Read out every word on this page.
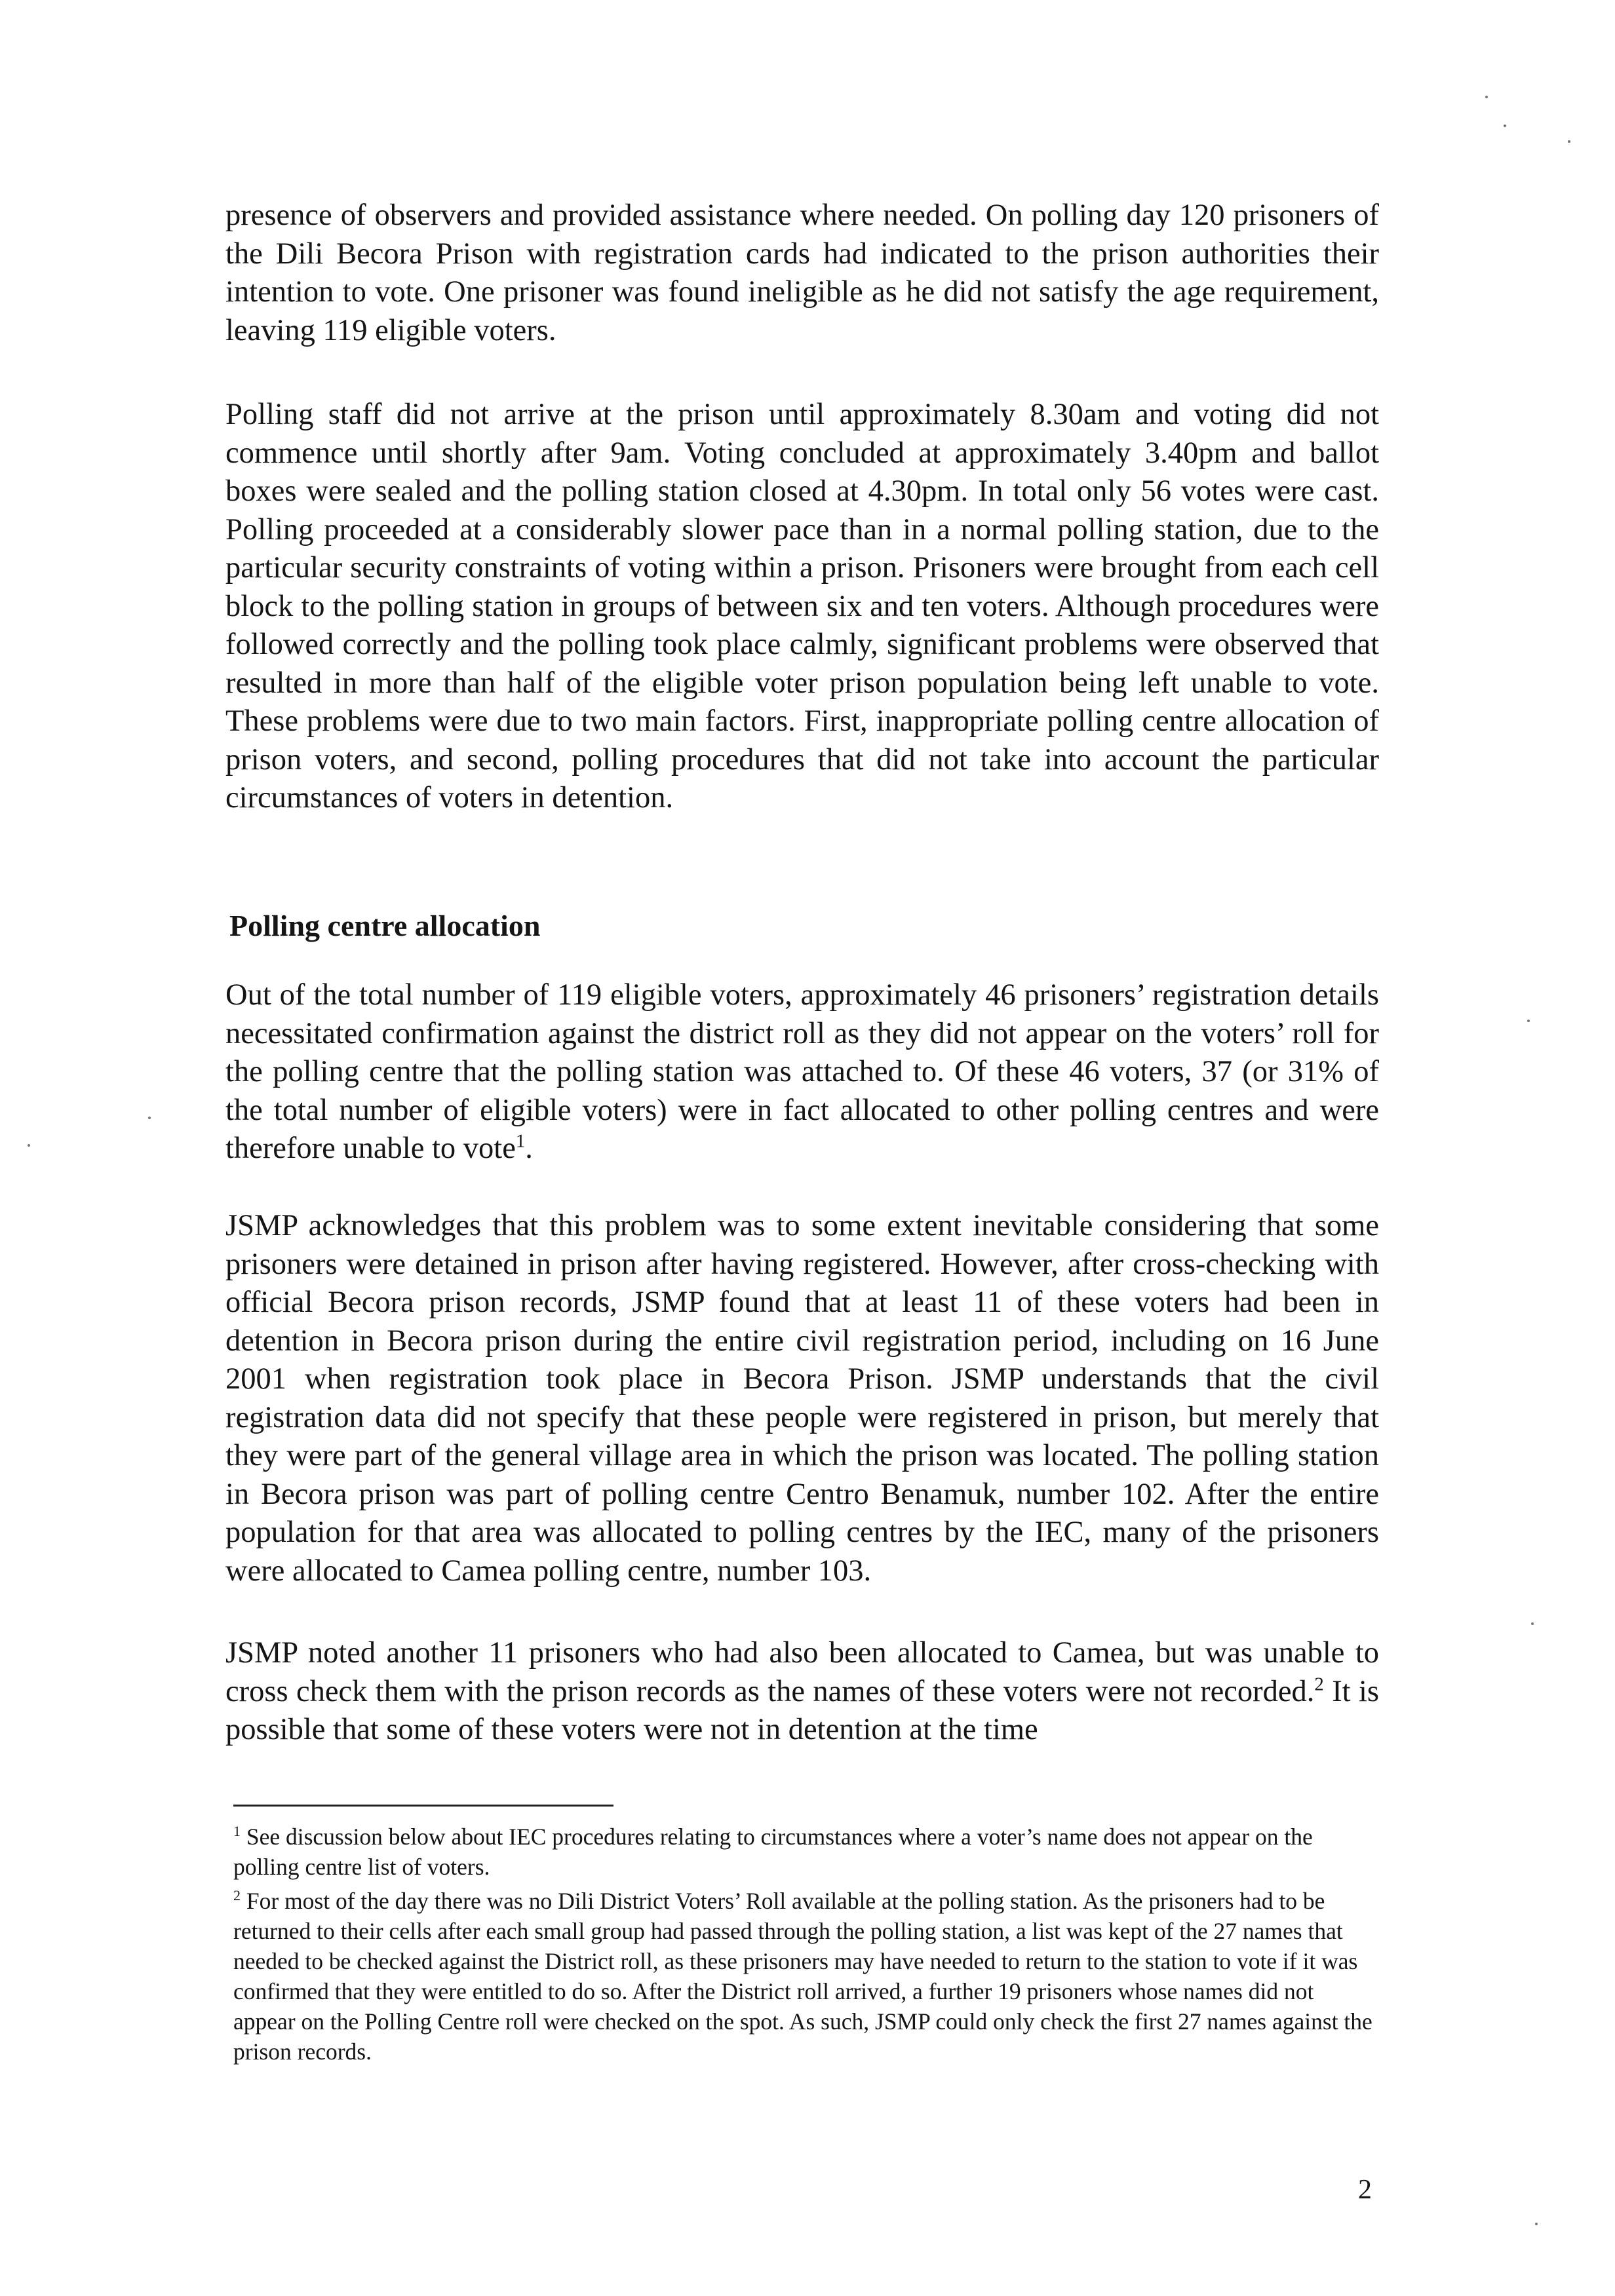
presence of observers and provided assistance where needed. On polling day 120 prisoners of the Dili Becora Prison with registration cards had indicated to the prison authorities their intention to vote. One prisoner was found ineligible as he did not satisfy the age requirement, leaving 119 eligible voters.

Polling staff did not arrive at the prison until approximately 8.30am and voting did not commence until shortly after 9am. Voting concluded at approximately 3.40pm and ballot boxes were sealed and the polling station closed at 4.30pm. In total only 56 votes were cast. Polling proceeded at a considerably slower pace than in a normal polling station, due to the particular security constraints of voting within a prison. Prisoners were brought from each cell block to the polling station in groups of between six and ten voters. Although procedures were followed correctly and the polling took place calmly, significant problems were observed that resulted in more than half of the eligible voter prison population being left unable to vote. These problems were due to two main factors. First, inappropriate polling centre allocation of prison voters, and second, polling procedures that did not take into account the particular circumstances of voters in detention.

Polling centre allocation

Out of the total number of 119 eligible voters, approximately 46 prisoners’ registration details necessitated confirmation against the district roll as they did not appear on the voters’ roll for the polling centre that the polling station was attached to. Of these 46 voters, 37 (or 31% of the total number of eligible voters) were in fact allocated to other polling centres and were therefore unable to vote$^1$.

JSMP acknowledges that this problem was to some extent inevitable considering that some prisoners were detained in prison after having registered. However, after cross-checking with official Becora prison records, JSMP found that at least 11 of these voters had been in detention in Becora prison during the entire civil registration period, including on 16 June 2001 when registration took place in Becora Prison. JSMP understands that the civil registration data did not specify that these people were registered in prison, but merely that they were part of the general village area in which the prison was located. The polling station in Becora prison was part of polling centre Centro Benamuk, number 102. After the entire population for that area was allocated to polling centres by the IEC, many of the prisoners were allocated to Camea polling centre, number 103.

JSMP noted another 11 prisoners who had also been allocated to Camea, but was unable to cross check them with the prison records as the names of these voters were not recorded.$^2$ It is possible that some of these voters were not in detention at the time

$^1$ See discussion below about IEC procedures relating to circumstances where a voter’s name does not appear on the polling centre list of voters.

$^2$ For most of the day there was no Dili District Voters’ Roll available at the polling station. As the prisoners had to be returned to their cells after each small group had passed through the polling station, a list was kept of the 27 names that needed to be checked against the District roll, as these prisoners may have needed to return to the station to vote if it was confirmed that they were entitled to do so. After the District roll arrived, a further 19 prisoners whose names did not appear on the Polling Centre roll were checked on the spot. As such, JSMP could only check the first 27 names against the prison records.

2
